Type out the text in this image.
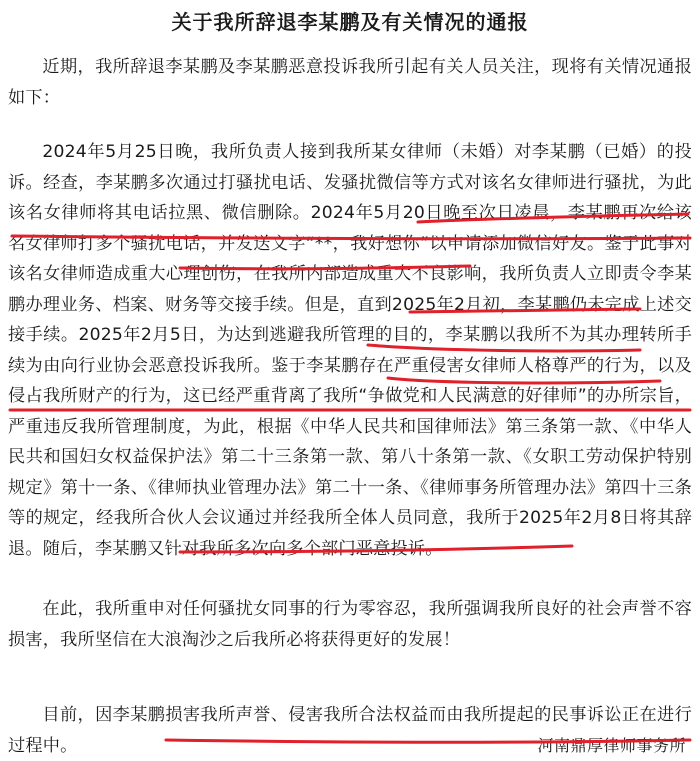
关于我所辞退李某鹏及有关情况的通报

近期，我所辞退李某鹏及李某鹏恶意投诉我所引起有关人员关注，现将有关情况通报如下：

2024年5月25日晚，我所负责人接到我所某女律师（未婚）对李某鹏（已婚）的投诉。经查，李某鹏多次通过打骚扰电话、发骚扰微信等方式对该名女律师进行骚扰，为此该名女律师将其电话拉黑、微信删除。2024年5月20日晚至次日凌晨，李某鹏再次给该名女律师打多个骚扰电话，并发送文字“**，我好想你”以申请添加微信好友。鉴于此事对该名女律师造成重大心理创伤，在我所内部造成重大不良影响，我所负责人立即责令李某鹏办理业务、档案、财务等交接手续。但是，直到2025年2月初，李某鹏仍未完成上述交接手续。2025年2月5日，为达到逃避我所管理的目的，李某鹏以我所不为其办理转所手续为由向行业协会恶意投诉我所。鉴于李某鹏存在严重侵害女律师人格尊严的行为，以及侵占我所财产的行为，这已经严重背离了我所“争做党和人民满意的好律师”的办所宗旨，严重违反我所管理制度，为此，根据《中华人民共和国律师法》第三条第一款、《中华人民共和国妇女权益保护法》第二十三条第一款、第八十条第一款、《女职工劳动保护特别规定》第十一条、《律师执业管理办法》第二十一条、《律师事务所管理办法》第四十三条等的规定，经我所合伙人会议通过并经我所全体人员同意，我所于2025年2月8日将其辞退。随后，李某鹏又针对我所多次向多个部门恶意投诉。

在此，我所重申对任何骚扰女同事的行为零容忍，我所强调我所良好的社会声誉不容损害，我所坚信在大浪淘沙之后我所必将获得更好的发展！

目前，因李某鹏损害我所声誉、侵害我所合法权益而由我所提起的民事诉讼正在进行过程中。	河南鼎厚律师事务所
